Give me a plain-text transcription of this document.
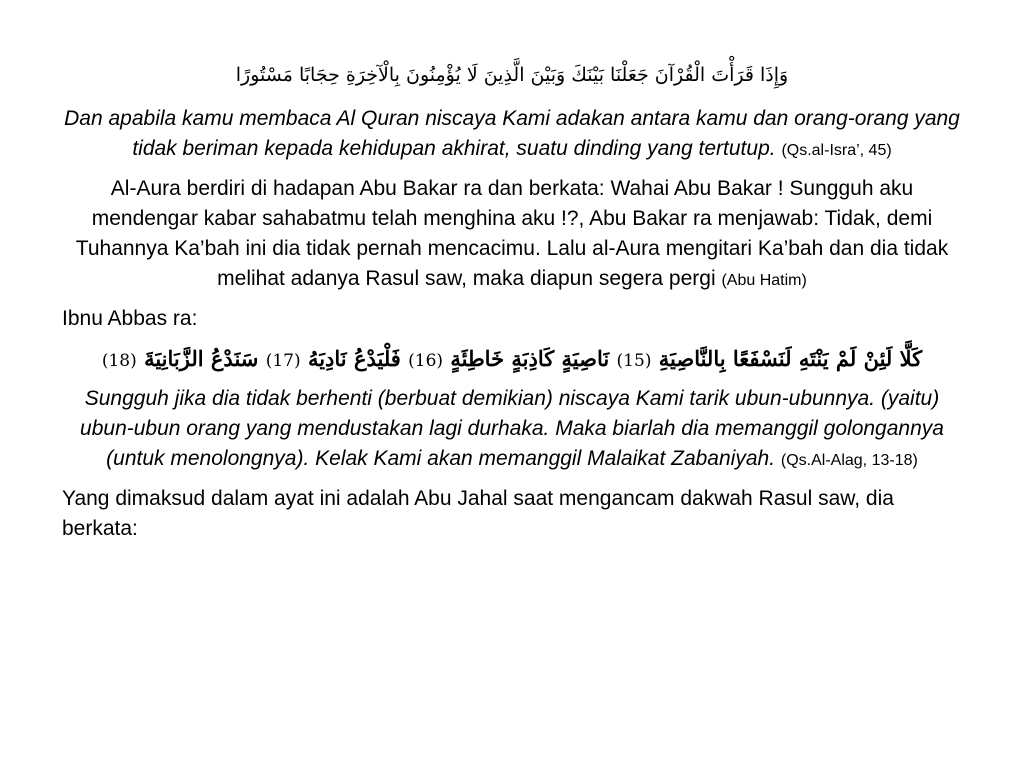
وَإِذَا قَرَأْتَ الْقُرْآنَ جَعَلْنَا بَيْنَكَ وَبَيْنَ الَّذِينَ لَا يُؤْمِنُونَ بِالْآخِرَةِ حِجَابًا مَسْتُورًا

Dan apabila kamu membaca Al Quran niscaya Kami adakan antara kamu dan orang-orang yang tidak beriman kepada kehidupan akhirat, suatu dinding yang tertutup. (Qs.al-Isra’, 45)

Al-Aura berdiri di hadapan Abu Bakar ra dan berkata: Wahai Abu Bakar ! Sungguh aku mendengar kabar sahabatmu telah menghina aku !?, Abu Bakar ra menjawab: Tidak, demi Tuhannya Ka’bah ini dia tidak pernah mencacimu. Lalu al-Aura mengitari Ka’bah dan dia tidak melihat adanya Rasul saw, maka diapun segera pergi (Abu Hatim)

Ibnu Abbas ra:

كَلَّا لَئِنْ لَمْ يَنْتَهِ لَنَسْفَعًا بِالنَّاصِيَةِ (15) نَاصِيَةٍ كَاذِبَةٍ خَاطِئَةٍ (16) فَلْيَدْعُ نَادِيَهُ (17) سَنَدْعُ الزَّبَانِيَةَ (18)

Sungguh jika dia tidak berhenti (berbuat demikian) niscaya Kami tarik ubun-ubunnya. (yaitu) ubun-ubun orang yang mendustakan lagi durhaka. Maka biarlah dia memanggil golongannya (untuk menolongnya). Kelak Kami akan memanggil Malaikat Zabaniyah. (Qs.Al-Alag, 13-18)

Yang dimaksud dalam ayat ini adalah Abu Jahal saat mengancam dakwah Rasul saw, dia berkata:
